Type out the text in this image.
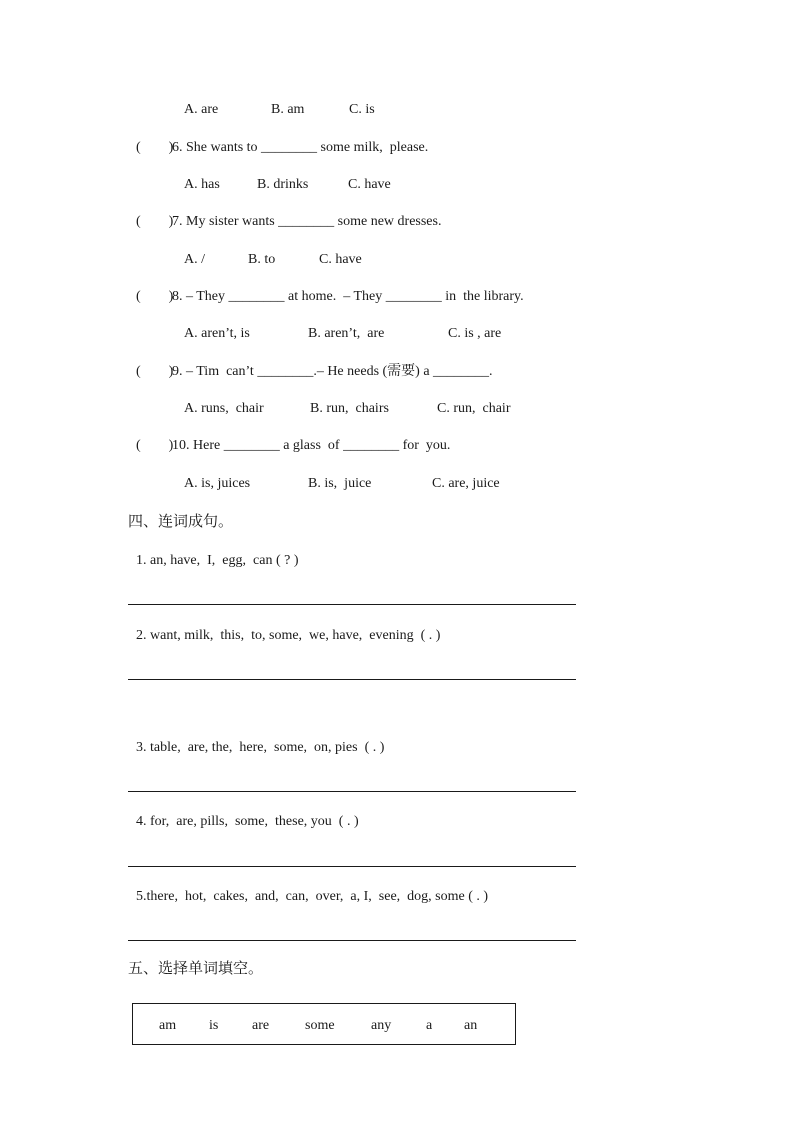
A. are	B. am	C. is
(        )
6. She wants to ________ some milk,  please.
A. has	B. drinks	C. have
(        )
7. My sister wants ________ some new dresses.
A. /	B. to	C. have
(        )
8. – They ________ at home.  – They ________ in  the library.
A. aren’t, is	B. aren’t,  are	C. is , are
(        )
9. – Tim  can’t ________.– He needs (需要) a ________.
A. runs,  chair	B. run,  chairs	C. run,  chair
(        )
10. Here ________ a glass  of ________ for  you.
A. is, juices	B. is,  juice	C. are, juice
四、连词成句。
1. an, have,  I,  egg,  can ( ? )
2. want, milk,  this,  to, some,  we, have,  evening  ( . )
3. table,  are, the,  here,  some,  on, pies  ( . )
4. for,  are, pills,  some,  these, you  ( . )
5.there,  hot,  cakes,  and,  can,  over,  a, I,  see,  dog, some ( . )
五、选择单词填空。
am is are	some	any a an
